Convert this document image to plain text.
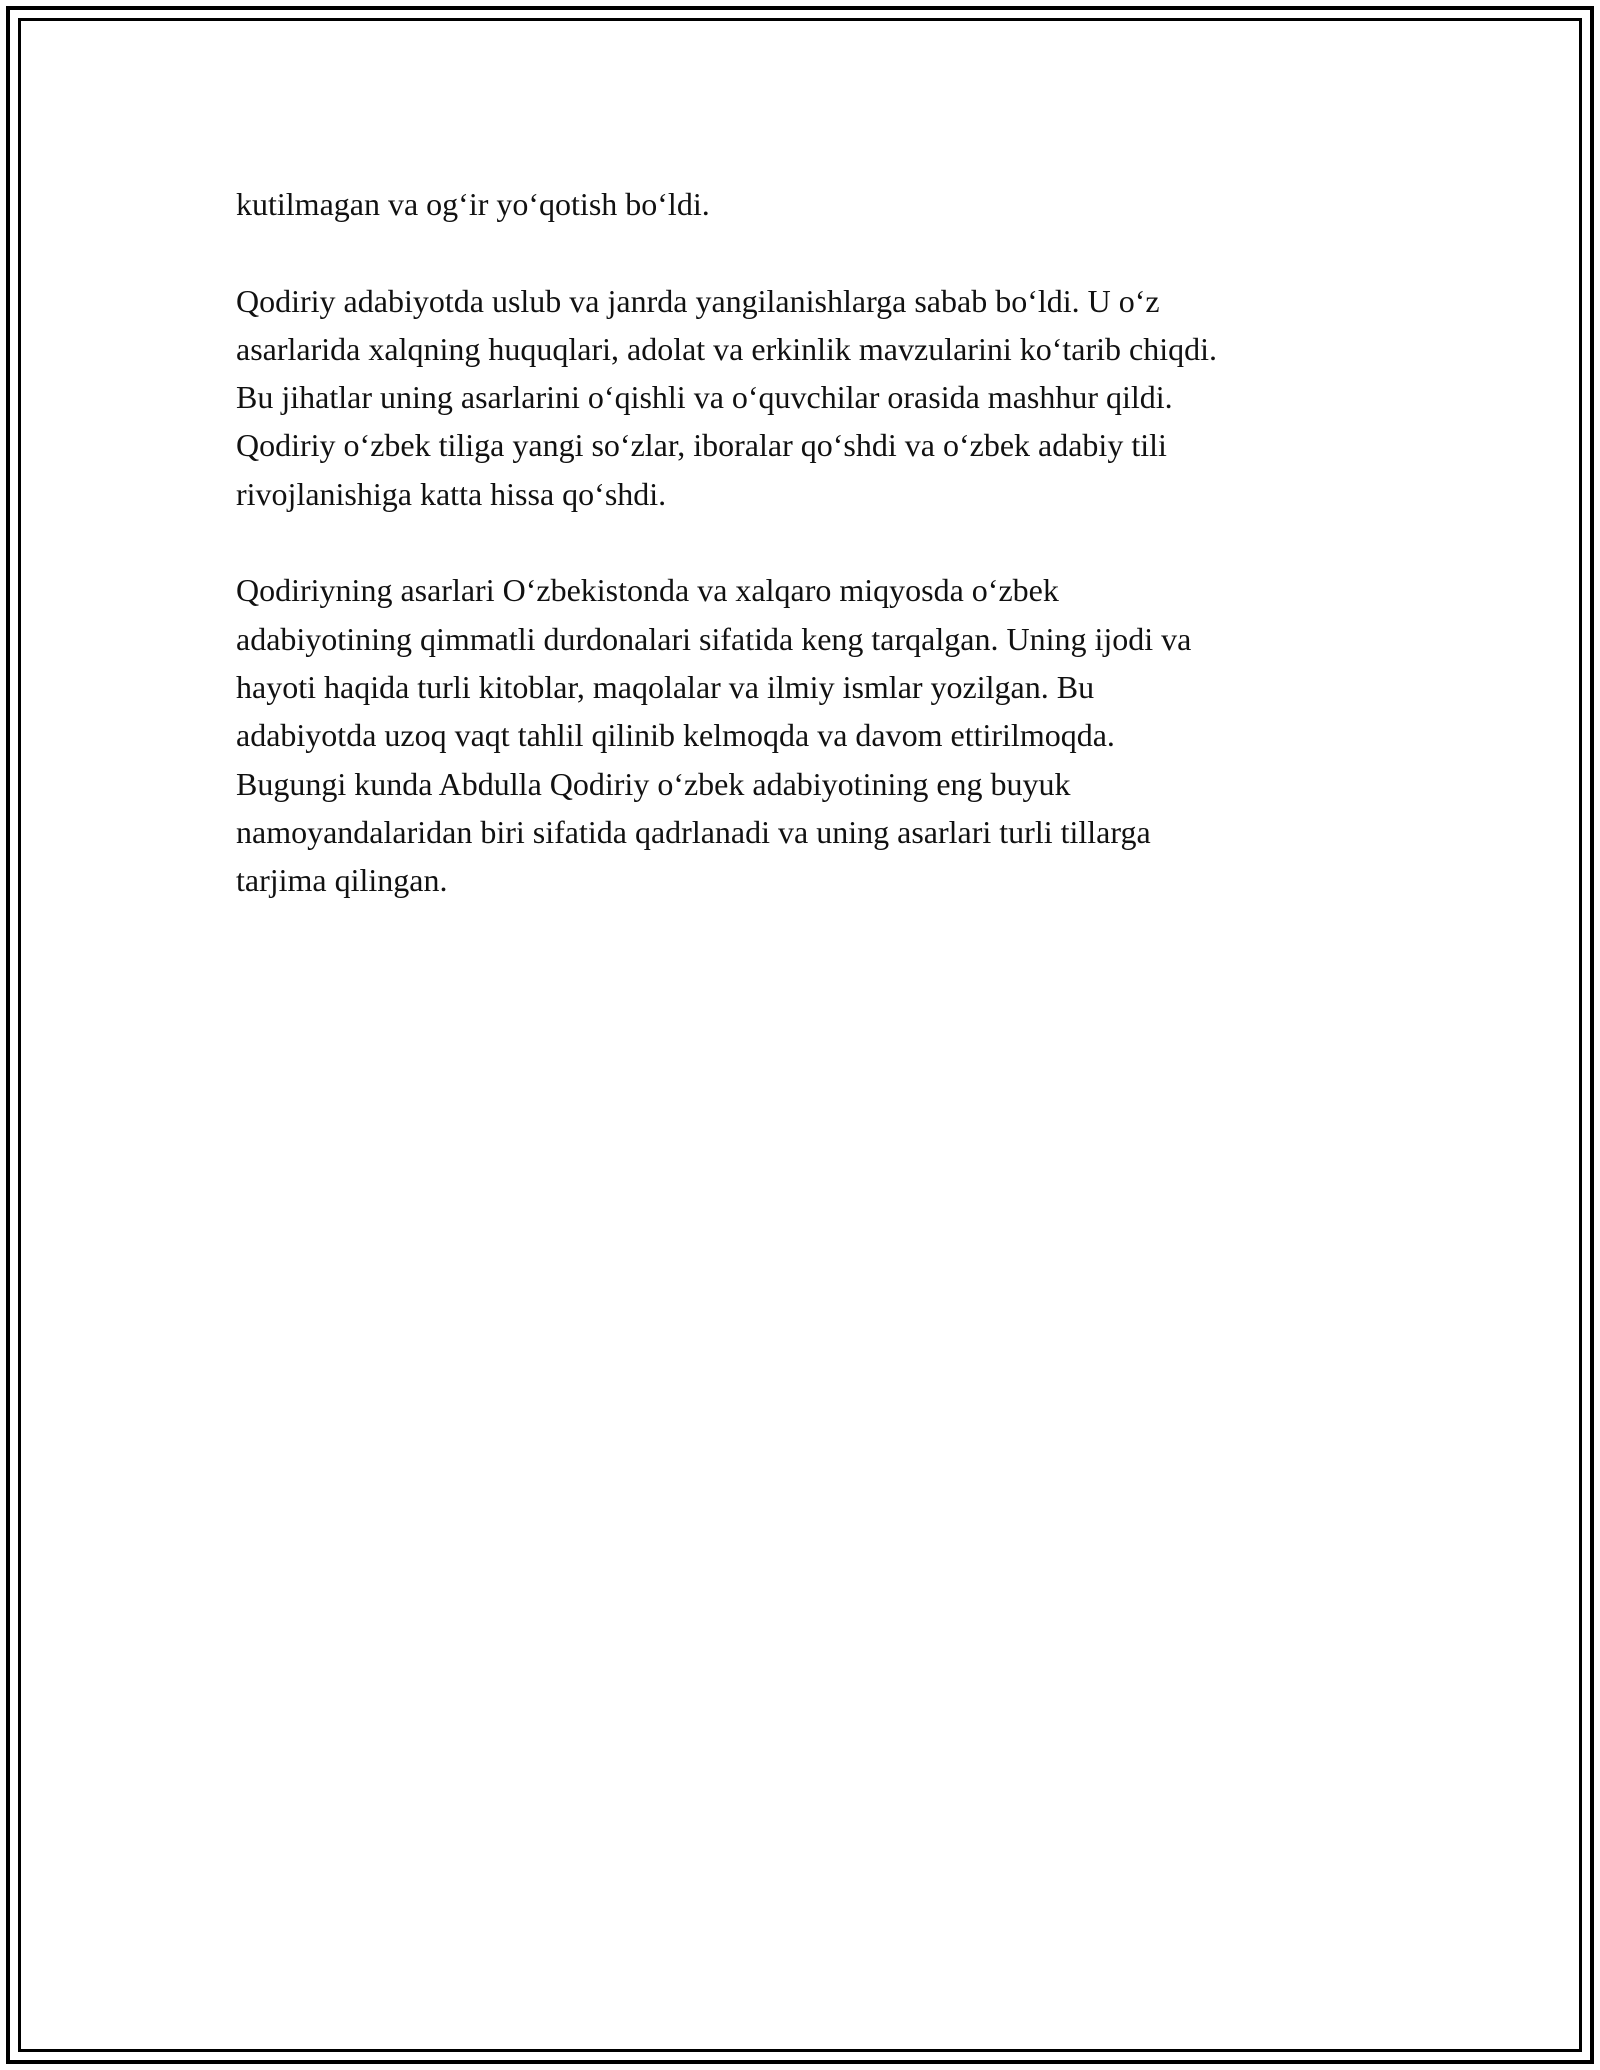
kutilmagan va og‘ir yo‘qotish bo‘ldi.

Qodiriy adabiyotda uslub va janrda yangilanishlarga sabab bo‘ldi. U o‘z
asarlarida xalqning huquqlari, adolat va erkinlik mavzularini ko‘tarib chiqdi.
Bu jihatlar uning asarlarini o‘qishli va o‘quvchilar orasida mashhur qildi.
Qodiriy o‘zbek tiliga yangi so‘zlar, iboralar qo‘shdi va o‘zbek adabiy tili
rivojlanishiga katta hissa qo‘shdi.

Qodiriyning asarlari O‘zbekistonda va xalqaro miqyosda o‘zbek
adabiyotining qimmatli durdonalari sifatida keng tarqalgan. Uning ijodi va
hayoti haqida turli kitoblar, maqolalar va ilmiy ismlar yozilgan. Bu
adabiyotda uzoq vaqt tahlil qilinib kelmoqda va davom ettirilmoqda.
Bugungi kunda Abdulla Qodiriy o‘zbek adabiyotining eng buyuk
namoyandalaridan biri sifatida qadrlanadi va uning asarlari turli tillarga
tarjima qilingan.
